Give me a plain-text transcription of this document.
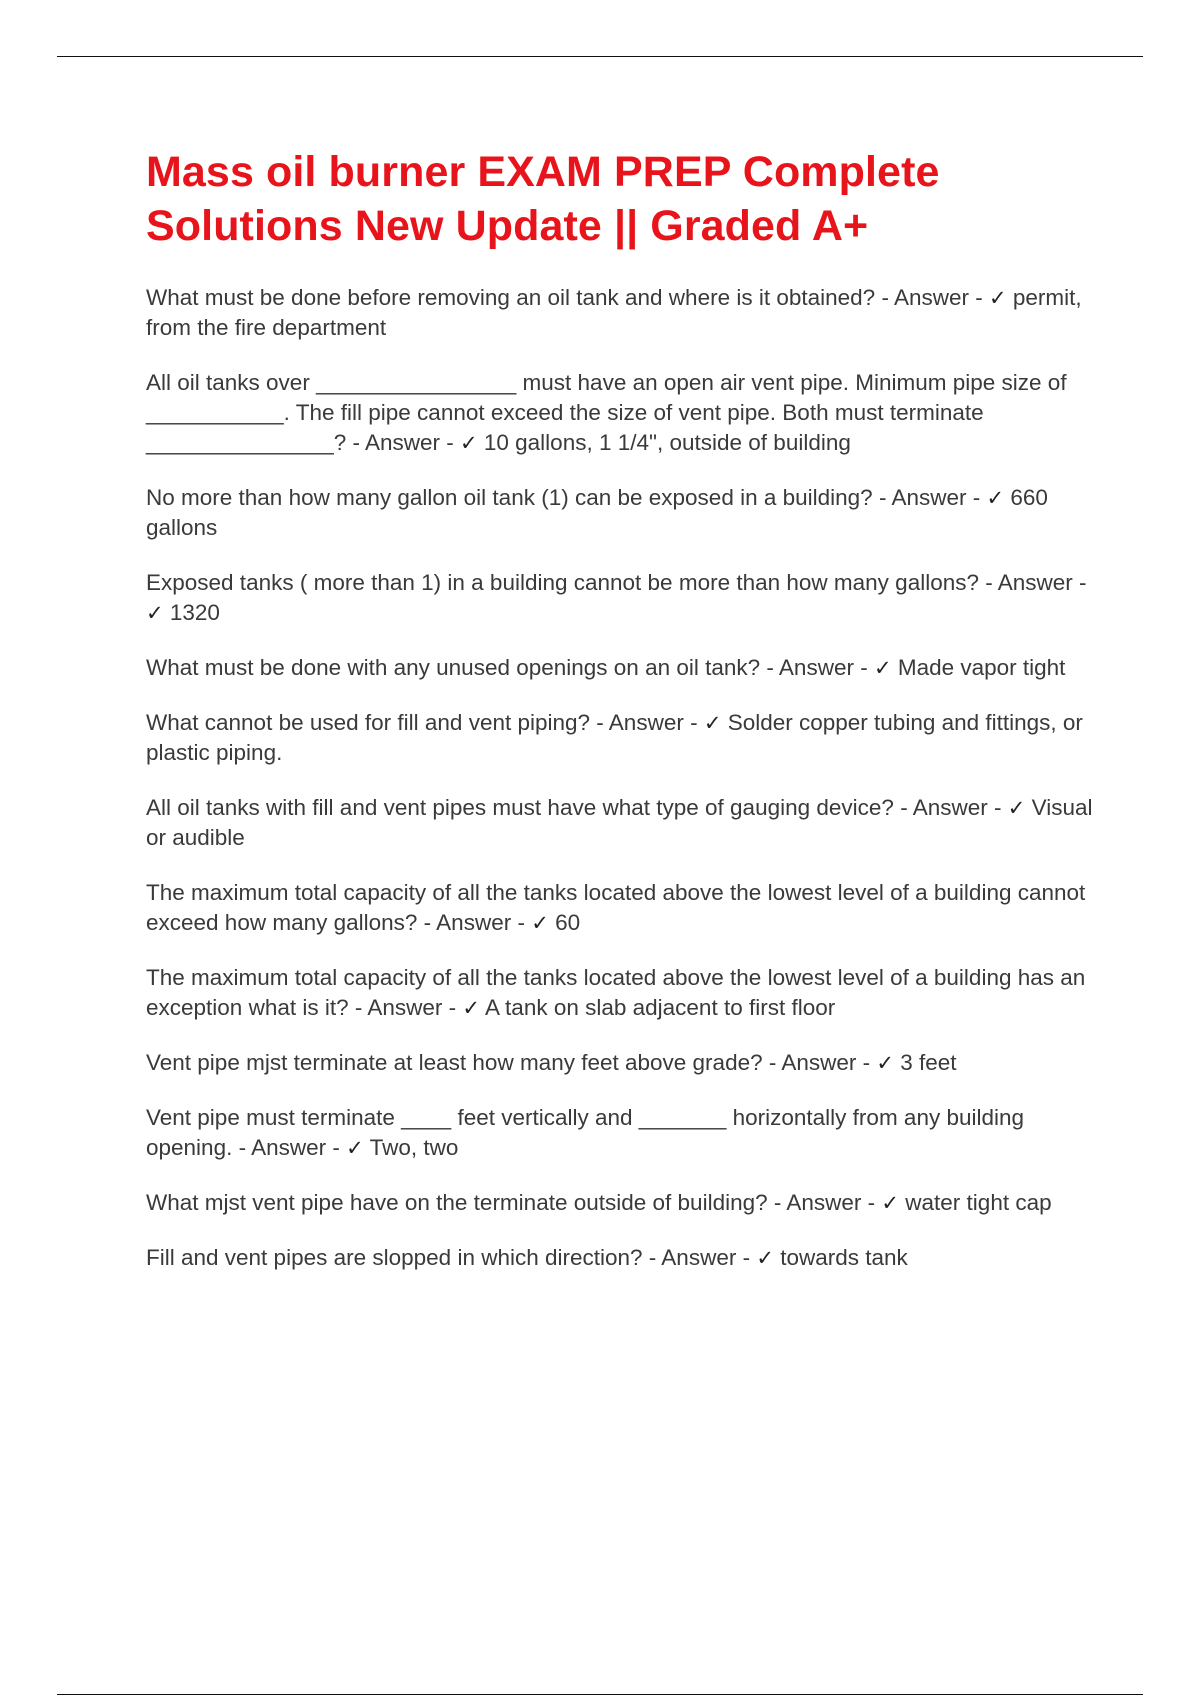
Mass oil burner EXAM PREP Complete Solutions New Update || Graded A+
What must be done before removing an oil tank and where is it obtained? - Answer - ✓ permit, from the fire department
All oil tanks over ________________ must have an open air vent pipe. Minimum pipe size of ___________. The fill pipe cannot exceed the size of vent pipe. Both must terminate _______________? - Answer - ✓ 10 gallons, 1 1/4", outside of building
No more than how many gallon oil tank (1) can be exposed in a building? - Answer - ✓ 660 gallons
Exposed tanks ( more than 1) in a building cannot be more than how many gallons? - Answer - ✓ 1320
What must be done with any unused openings on an oil tank? - Answer - ✓ Made vapor tight
What cannot be used for fill and vent piping? - Answer - ✓ Solder copper tubing and fittings, or plastic piping.
All oil tanks with fill and vent pipes must have what type of gauging device? - Answer - ✓ Visual or audible
The maximum total capacity of all the tanks located above the lowest level of a building cannot exceed how many gallons? - Answer - ✓ 60
The maximum total capacity of all the tanks located above the lowest level of a building has an exception what is it? - Answer - ✓ A tank on slab adjacent to first floor
Vent pipe mjst terminate at least how many feet above grade? - Answer - ✓ 3 feet
Vent pipe must terminate ____ feet vertically and _______ horizontally from any building opening. - Answer - ✓ Two, two
What mjst vent pipe have on the terminate outside of building? - Answer - ✓ water tight cap
Fill and vent pipes are slopped in which direction? - Answer - ✓ towards tank
